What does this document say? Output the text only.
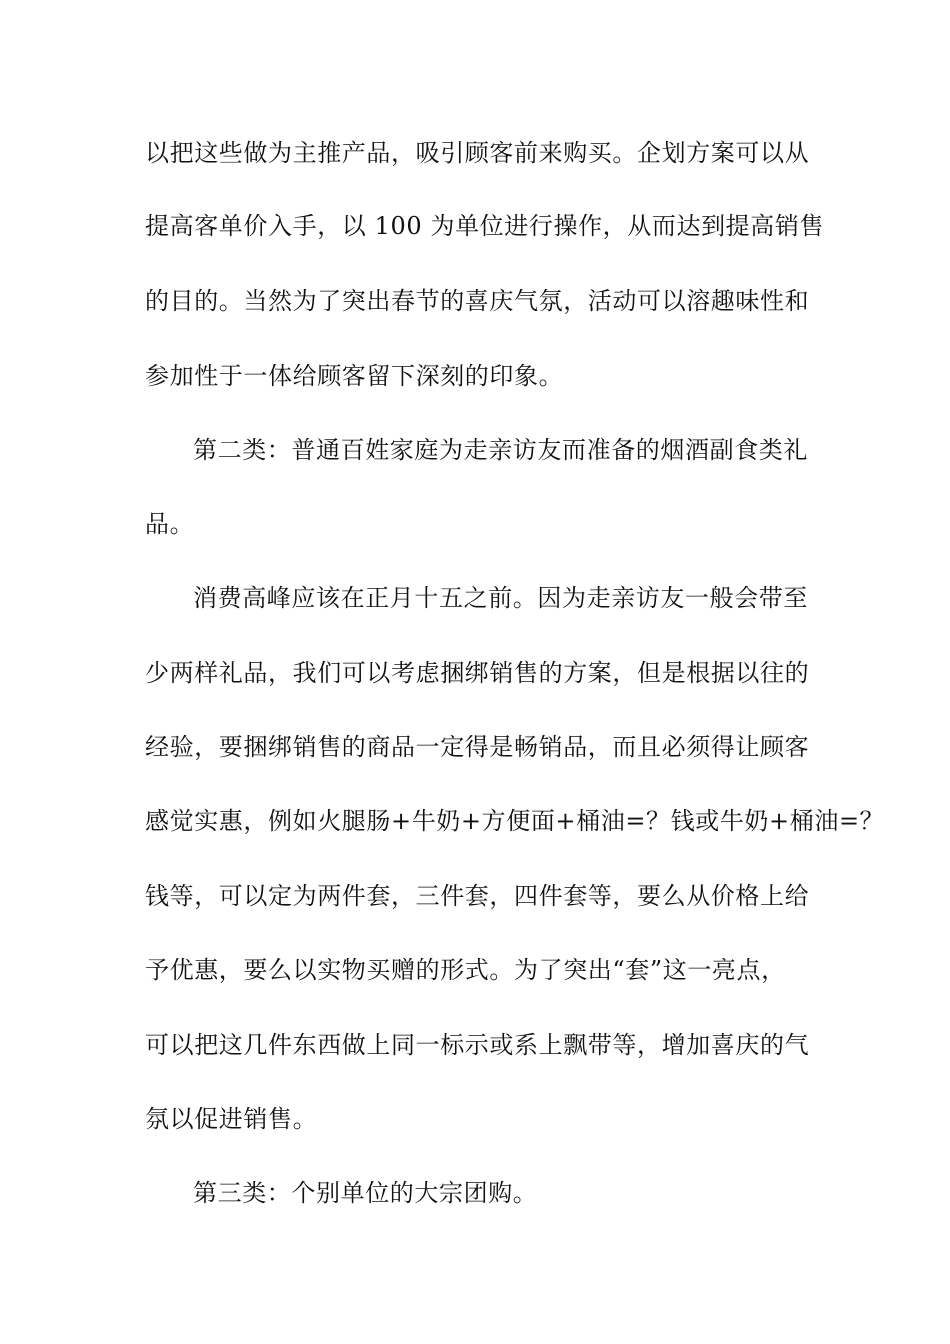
以把这些做为主推产品，吸引顾客前来购买。企划方案可以从
提高客单价入手，以 100 为单位进行操作，从而达到提高销售
的目的。当然为了突出春节的喜庆气氛，活动可以溶趣味性和
参加性于一体给顾客留下深刻的印象。
第二类：普通百姓家庭为走亲访友而准备的烟酒副食类礼
品。
消费高峰应该在正月十五之前。因为走亲访友一般会带至
少两样礼品，我们可以考虑捆绑销售的方案，但是根据以往的
经验，要捆绑销售的商品一定得是畅销品，而且必须得让顾客
感觉实惠，例如火腿肠+牛奶+方便面+桶油=？钱或牛奶+桶油=？
钱等，可以定为两件套，三件套，四件套等，要么从价格上给
予优惠，要么以实物买赠的形式。为了突出“套”这一亮点，
可以把这几件东西做上同一标示或系上飘带等，增加喜庆的气
氛以促进销售。
第三类：个别单位的大宗团购。
